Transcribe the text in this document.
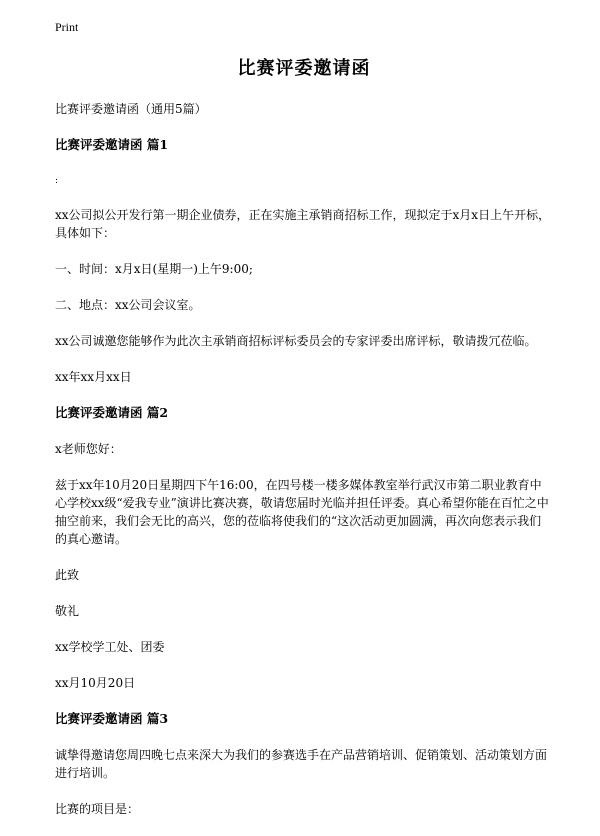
Print
比赛评委邀请函

比赛评委邀请函（通用5篇）

比赛评委邀请函 篇1

:

xx公司拟公开发行第一期企业债券，正在实施主承销商招标工作，现拟定于x月x日上午开标，具体如下：

一、时间：x月x日(星期一)上午9:00;

二、地点：xx公司会议室。

xx公司诚邀您能够作为此次主承销商招标评标委员会的专家评委出席评标，敬请拨冗莅临。

xx年xx月xx日

比赛评委邀请函 篇2

x老师您好：

兹于xx年10月20日星期四下午16:00，在四号楼一楼多媒体教室举行武汉市第二职业教育中心学校xx级“爱我专业”演讲比赛决赛，敬请您届时光临并担任评委。真心希望你能在百忙之中抽空前来，我们会无比的高兴，您的莅临将使我们的“这次活动更加圆满，再次向您表示我们的真心邀请。

此致

敬礼

xx学校学工处、团委

xx月10月20日

比赛评委邀请函 篇3

诚挚得邀请您周四晚七点来深大为我们的参赛选手在产品营销培训、促销策划、活动策划方面进行培训。

比赛的项目是：
